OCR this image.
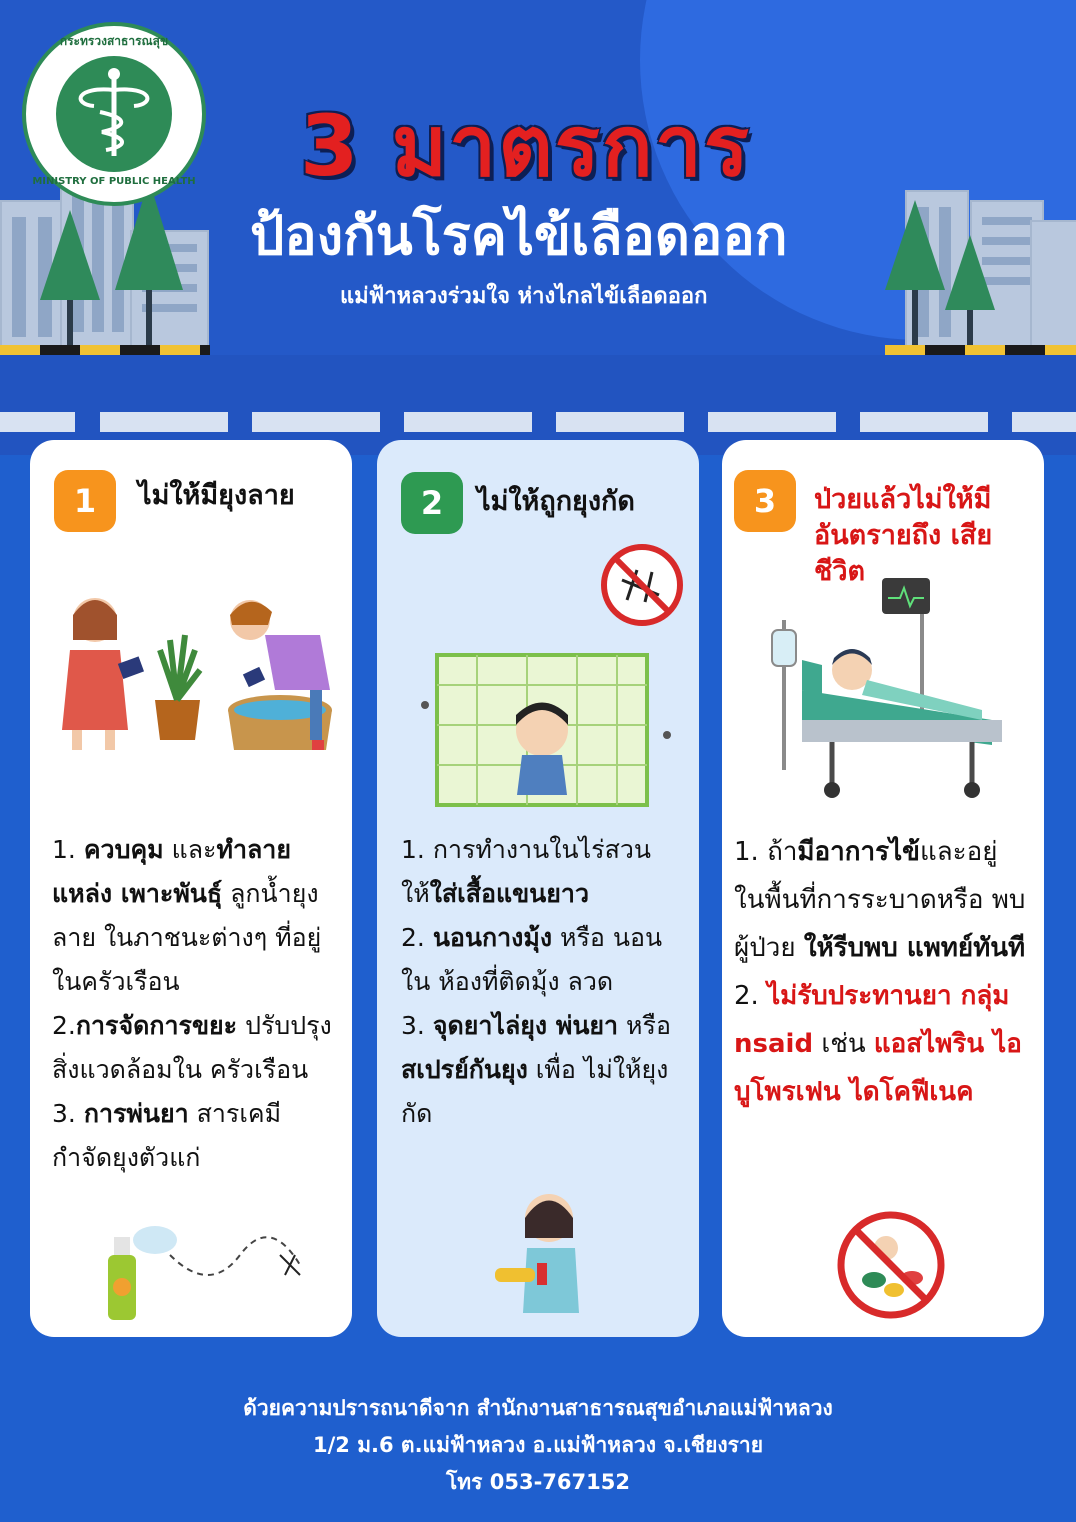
กระทรวงสาธารณสุข
MINISTRY OF PUBLIC HEALTH 3 มาตรการ
ป้องกันโรคไข้เลือดออก
แม่ฟ้าหลวงร่วมใจ ห่างไกลไข้เลือดออก
1	ไม่ให้มียุงลาย
1. ควบคุม และทำลาย แหล่ง เพาะพันธุ์ ลูกน้ำยุงลาย ในภาชนะต่างๆ ที่อยู่ในครัวเรือน
2.การจัดการขยะ ปรับปรุงสิ่งแวดล้อมใน ครัวเรือน
3. การพ่นยา สารเคมี กำจัดยุงตัวแก่
2	ไม่ให้ถูกยุงกัด
1. การทำงานในไร่สวน ให้ใส่เสื้อแขนยาว
2. นอนกางมุ้ง หรือ นอนใน ห้องที่ติดมุ้ง ลวด
3. จุดยาไล่ยุง พ่นยา หรือสเปรย์กันยุง เพื่อ ไม่ให้ยุงกัด
3	ป่วยแล้วไม่ให้มี อันตรายถึง เสีย ชีวิต
1. ถ้ามีอาการไข้และอยู่ ในพื้นที่การระบาดหรือ พบผู้ป่วย ให้รีบพบ แพทย์ทันที
2. ไม่รับประทานยา กลุ่ม nsaid เช่น แอสไพริน ไอบูโพรเฟน ไดโคฟีเนค
ด้วยความปรารถนาดีจาก สำนักงานสาธารณสุขอำเภอแม่ฟ้าหลวง
1/2 ม.6 ต.แม่ฟ้าหลวง อ.แม่ฟ้าหลวง จ.เชียงราย
โทร 053-767152
